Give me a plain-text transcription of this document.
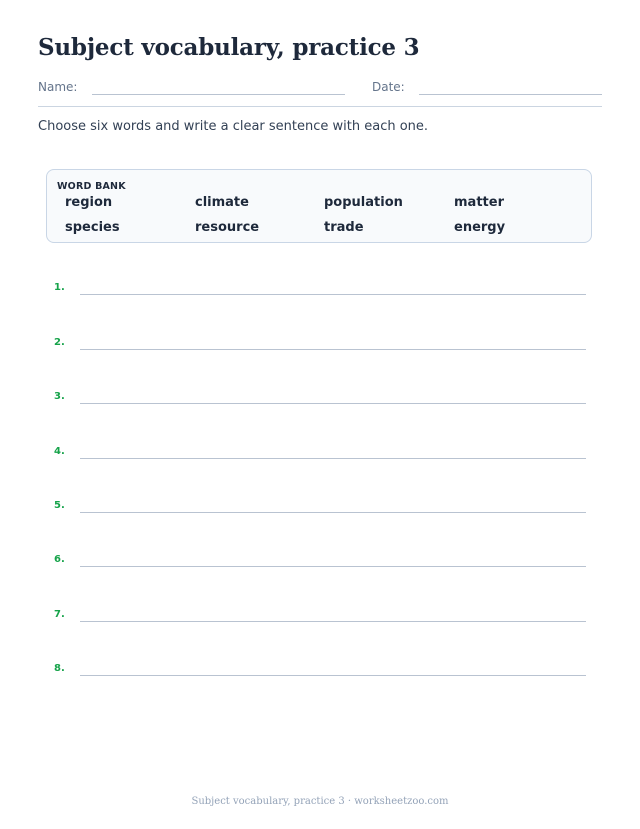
Subject vocabulary, practice 3
Name:	Date:

Choose six words and write a clear sentence with each one.

WORD BANK
region	climate	population	matter
species	resource	trade	energy
1.
2.
3.
4.
5.
6.
7.
8.
Subject vocabulary, practice 3 · worksheetzoo.com
